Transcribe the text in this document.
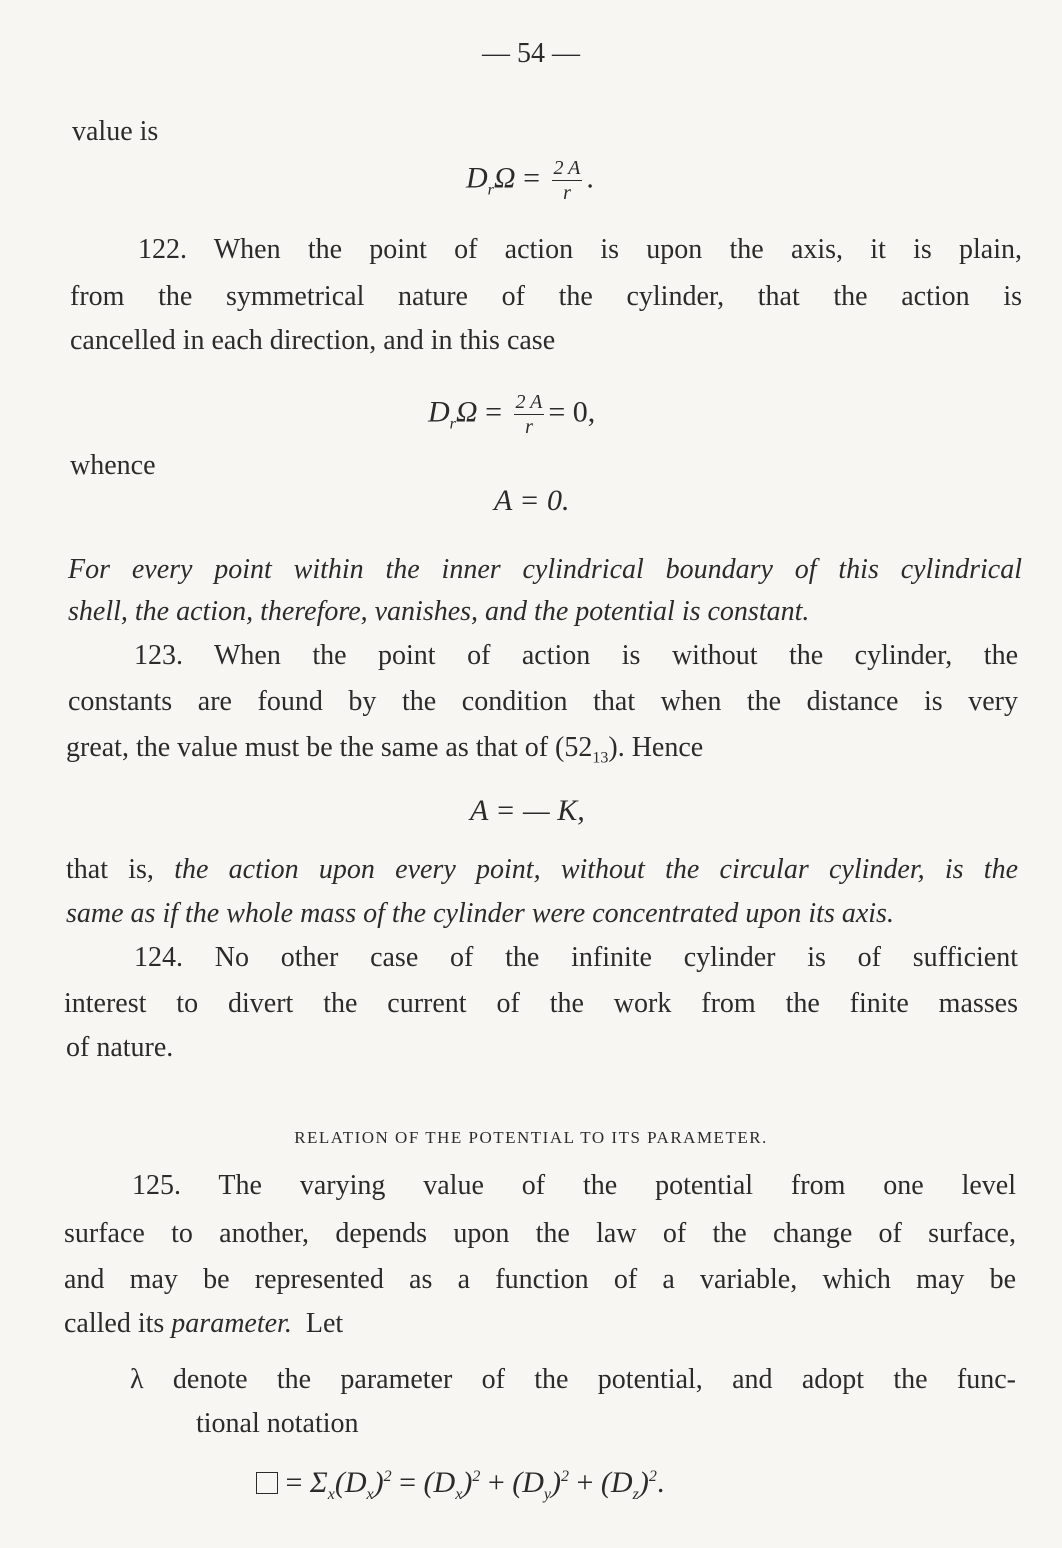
— 54 —
value is
$D_r\Omega = \frac{2 A}{r}$ .
122. When the point of action is upon the axis, it is plain,
from the symmetrical nature of the cylinder, that the action is
cancelled in each direction, and in this case
$D_r\Omega = \frac{2 A}{r} = 0$,
whence
A = 0.
For every point within the inner cylindrical boundary of this cylindrical
shell, the action, therefore, vanishes, and the potential is constant.
123. When the point of action is without the cylinder, the
constants are found by the condition that when the distance is very
great, the value must be the same as that of $(52_{13})$. Hence
A = — K,
that is, the action upon every point, without the circular cylinder, is the
same as if the whole mass of the cylinder were concentrated upon its axis.
124. No other case of the infinite cylinder is of sufficient
interest to divert the current of the work from the finite masses
of nature.
RELATION OF THE POTENTIAL TO ITS PARAMETER.
125. The varying value of the potential from one level
surface to another, depends upon the law of the change of surface,
and may be represented as a function of a variable, which may be
called its parameter. Let
λ denote the parameter of the potential, and adopt the func-
tional notation
= $\Sigma_x(D_x)^2 = (D_x)^2 + (D_y)^2 + (D_z)^2$.
